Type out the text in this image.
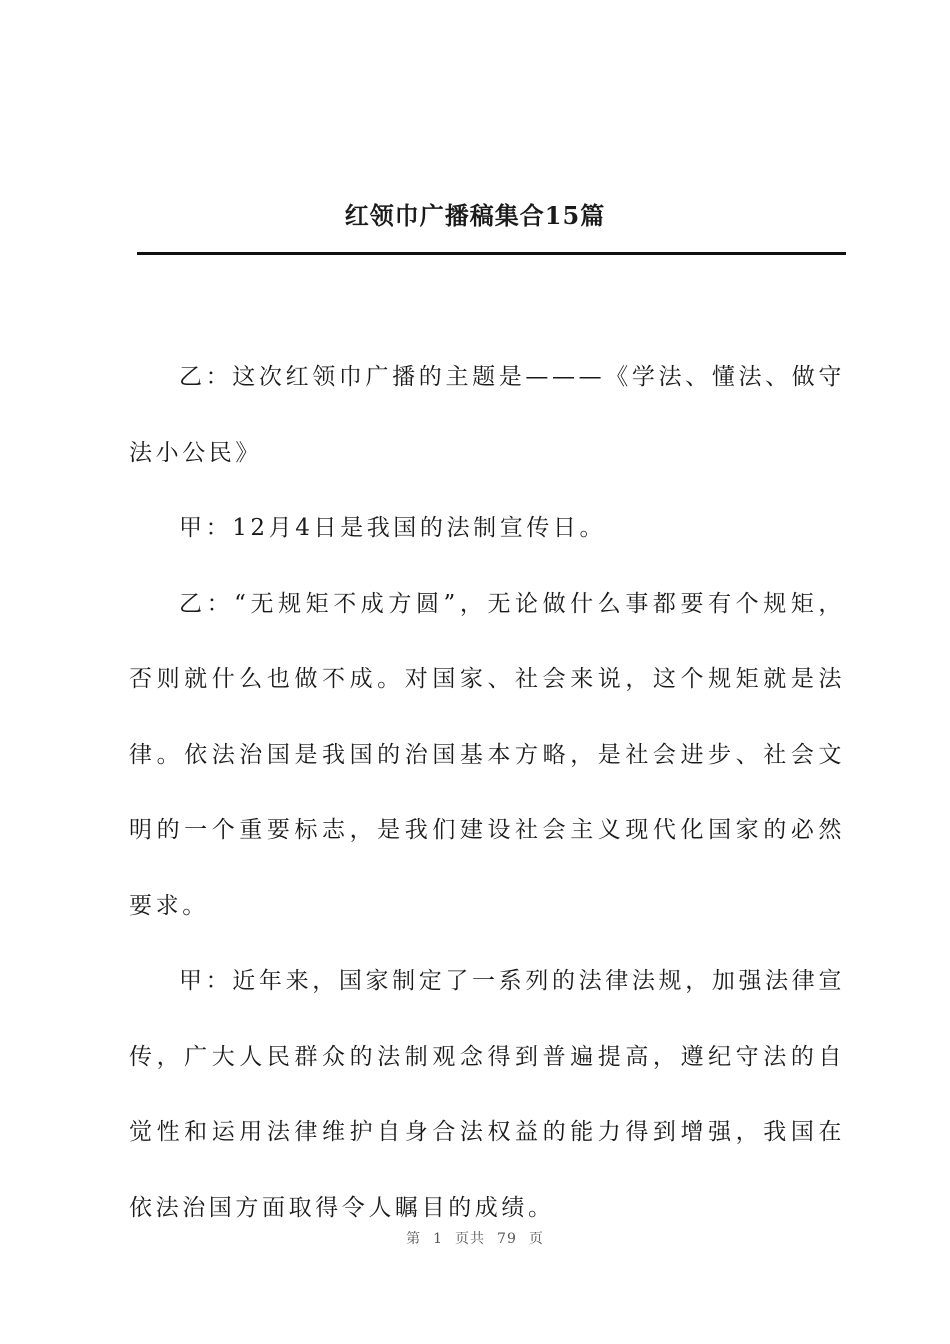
红领巾广播稿集合15篇

乙：这次红领巾广播的主题是———《学法、懂法、做守法小公民》

甲：12月4日是我国的法制宣传日。

乙：“无规矩不成方圆”，无论做什么事都要有个规矩，否则就什么也做不成。对国家、社会来说，这个规矩就是法律。依法治国是我国的治国基本方略，是社会进步、社会文明的一个重要标志，是我们建设社会主义现代化国家的必然要求。

甲：近年来，国家制定了一系列的法律法规，加强法律宣传，广大人民群众的法制观念得到普遍提高，遵纪守法的自觉性和运用法律维护自身合法权益的能力得到增强，我国在依法治国方面取得令人瞩目的成绩。

第 1 页共 79 页
